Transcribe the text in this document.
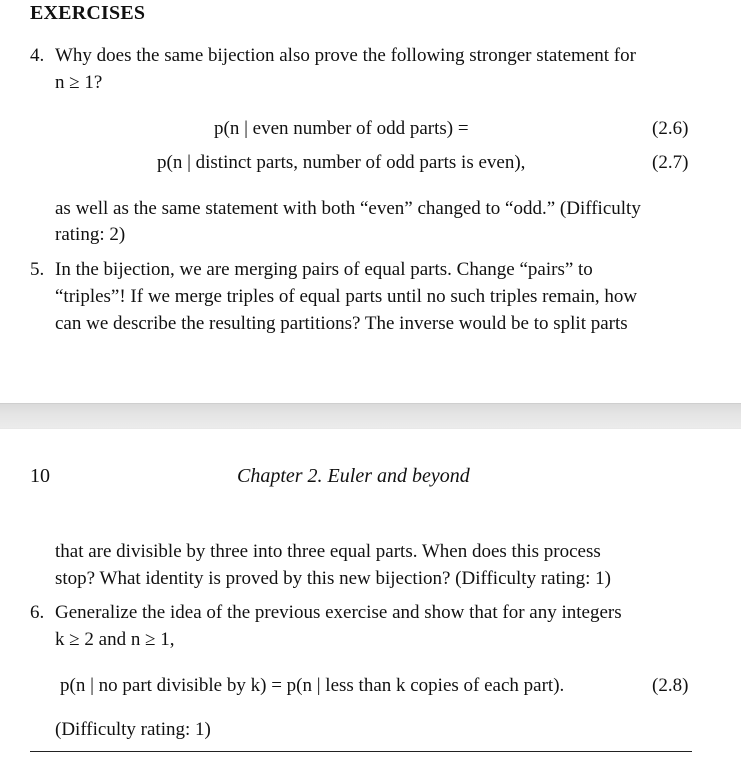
EXERCISES
4. Why does the same bijection also prove the following stronger statement for
n ≥ 1?
p(n | even number of odd parts) =	(2.6)
p(n | distinct parts, number of odd parts is even),	(2.7)
as well as the same statement with both “even” changed to “odd.” (Difficulty
rating: 2)
5. In the bijection, we are merging pairs of equal parts. Change “pairs” to
“triples”! If we merge triples of equal parts until no such triples remain, how
can we describe the resulting partitions? The inverse would be to split parts
10	Chapter 2. Euler and beyond
that are divisible by three into three equal parts. When does this process
stop? What identity is proved by this new bijection? (Difficulty rating: 1)
6. Generalize the idea of the previous exercise and show that for any integers
k ≥ 2 and n ≥ 1,
p(n | no part divisible by k) = p(n | less than k copies of each part).	(2.8)
(Difficulty rating: 1)
